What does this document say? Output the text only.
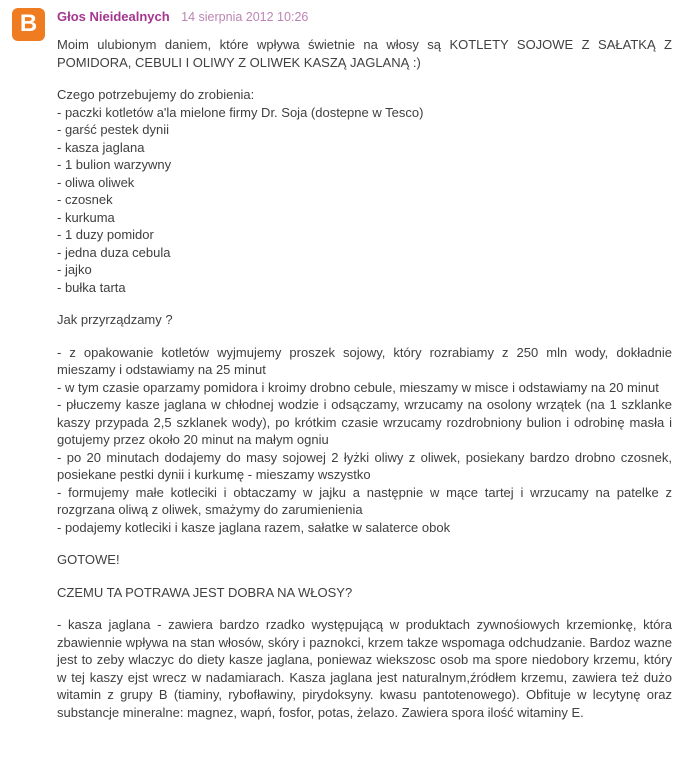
B Głos Nieidealnych 14 sierpnia 2012 10:26
Moim ulubionym daniem, które wpływa świetnie na włosy są KOTLETY SOJOWE Z SAŁATKĄ Z POMIDORA, CEBULI I OLIWY Z OLIWEK KASZĄ JAGLANĄ :)
Czego potrzebujemy do zrobienia:
- paczki kotletów a'la mielone firmy Dr. Soja (dostepne w Tesco)
- garść pestek dynii
- kasza jaglana
- 1 bulion warzywny
- oliwa oliwek
- czosnek
- kurkuma
- 1 duzy pomidor
- jedna duza cebula
- jajko
- bułka tarta
Jak przyrządzamy ?
- z opakowanie kotletów wyjmujemy proszek sojowy, który rozrabiamy z 250 mln wody, dokładnie mieszamy i odstawiamy na 25 minut
- w tym czasie oparzamy pomidora i kroimy drobno cebule, mieszamy w misce i odstawiamy na 20 minut
- płuczemy kasze jaglana w chłodnej wodzie i odsączamy, wrzucamy na osolony wrzątek (na 1 szklanke kaszy przypada 2,5 szklanek wody), po krótkim czasie wrzucamy rozdrobniony bulion i odrobinę masła i gotujemy przez około 20 minut na małym ogniu
- po 20 minutach dodajemy do masy sojowej 2 łyżki oliwy z oliwek, posiekany bardzo drobno czosnek, posiekane pestki dynii i kurkumę - mieszamy wszystko
- formujemy małe kotleciki i obtaczamy w jajku a następnie w mące tartej i wrzucamy na patelke z rozgrzana oliwą z oliwek, smażymy do zarumienienia
- podajemy kotleciki i kasze jaglana razem, sałatke w salaterce obok
GOTOWE!
CZEMU TA POTRAWA JEST DOBRA NA WŁOSY?
- kasza jaglana - zawiera bardzo rzadko występującą w produktach zywnośiowych krzemionkę, która zbawiennie wpływa na stan włosów, skóry i paznokci, krzem takze wspomaga odchudzanie. Bardoz wazne jest to zeby wlaczyc do diety kasze jaglana, poniewaz wiekszosc osob ma spore niedobory krzemu, który w tej kaszy ejst wrecz w nadamiarach. Kasza jaglana jest naturalnym,źródłem krzemu, zawiera też dużo witamin z grupy B (tiaminy, rybofławiny, pirydoksyny. kwasu pantotenowego). Obfituje w lecytynę oraz substancje mineralne: magnez, wapń, fosfor, potas, żelazo. Zawiera spora ilość witaminy E.
